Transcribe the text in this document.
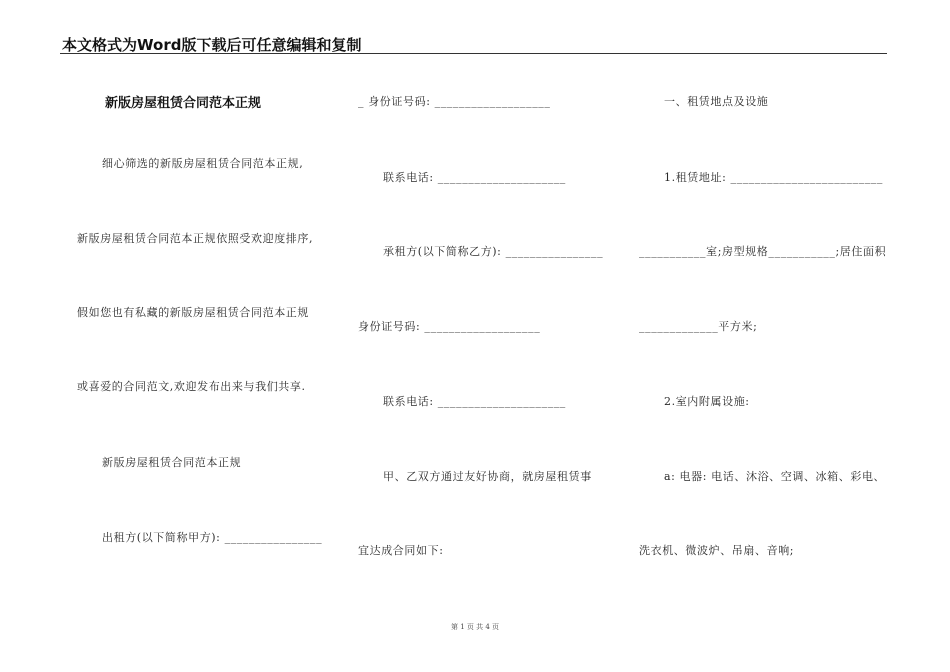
本文格式为Word版下载后可任意编辑和复制
新版房屋租赁合同范本正规
细心筛选的新版房屋租赁合同范本正规,
新版房屋租赁合同范本正规依照受欢迎度排序,
假如您也有私藏的新版房屋租赁合同范本正规
或喜爱的合同范文,欢迎发布出来与我们共享.
新版房屋租赁合同范本正规
出租方(以下简称甲方): ________________
_ 身份证号码: ___________________
联系电话: _____________________
承租方(以下简称乙方): ________________
身份证号码: ___________________
联系电话: _____________________
甲、乙双方通过友好协商，就房屋租赁事
宜达成合同如下:
一、租赁地点及设施
1.租赁地址: _________________________
___________室;房型规格___________;居住面积
_____________平方米;
2.室内附属设施:
a: 电器: 电话、沐浴、空调、冰箱、彩电、
洗衣机、微波炉、吊扇、音响;
第 1 页 共 4 页
